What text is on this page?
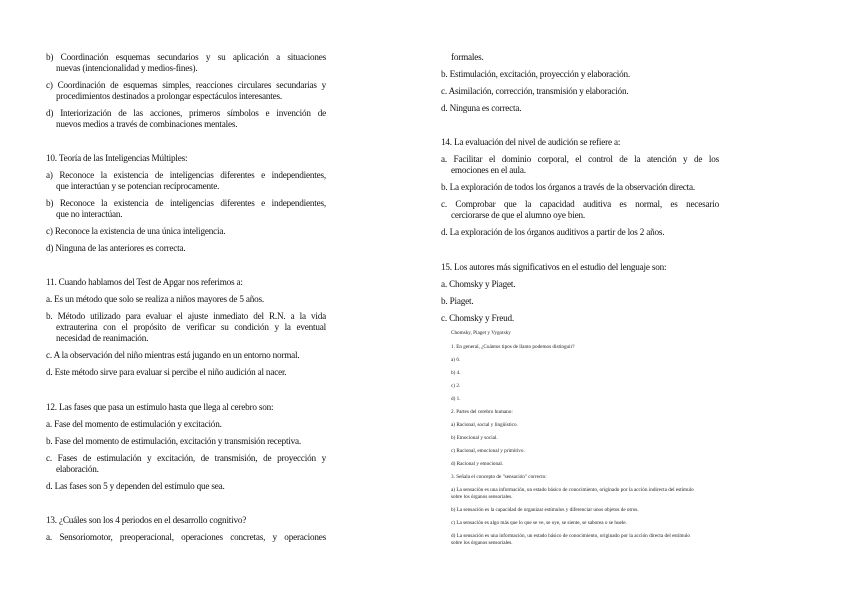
b) Coordinación esquemas secundarios y su aplicación a situaciones
nuevas (intencionalidad y medios-fines).
c) Coordinación de esquemas simples, reacciones circulares secundarias y
procedimientos destinados a prolongar espectáculos interesantes.
d) Interiorización de las acciones, primeros símbolos e invención de
nuevos medios a través de combinaciones mentales.
10. Teoría de las Inteligencias Múltiples:
a) Reconoce la existencia de inteligencias diferentes e independientes,
que interactúan y se potencian recíprocamente.
b) Reconoce la existencia de inteligencias diferentes e independientes,
que no interactúan.
c) Reconoce la existencia de una única inteligencia.
d) Ninguna de las anteriores es correcta.
11. Cuando hablamos del Test de Apgar nos referimos a:
a. Es un método que solo se realiza a niños mayores de 5 años.
b. Método utilizado para evaluar el ajuste inmediato del R.N. a la vida
extrauterina con el propósito de verificar su condición y la eventual
necesidad de reanimación.
c. A la observación del niño mientras está jugando en un entorno normal.
d. Este método sirve para evaluar si percibe el niño audición al nacer.
12. Las fases que pasa un estímulo hasta que llega al cerebro son:
a. Fase del momento de estimulación y excitación.
b. Fase del momento de estimulación, excitación y transmisión receptiva.
c. Fases de estimulación y excitación, de transmisión, de proyección y
elaboración.
d. Las fases son 5 y dependen del estímulo que sea.
13. ¿Cuáles son los 4 periodos en el desarrollo cognitivo?
a. Sensoriomotor, preoperacional, operaciones concretas, y operaciones
formales.
b. Estimulación, excitación, proyección y elaboración.
c. Asimilación, corrección, transmisión y elaboración.
d. Ninguna es correcta.
14. La evaluación del nivel de audición se refiere a:
a. Facilitar el dominio corporal, el control de la atención y de los
emociones en el aula.
b. La exploración de todos los órganos a través de la observación directa.
c. Comprobar que la capacidad auditiva es normal, es necesario
cerciorarse de que el alumno oye bien.
d. La exploración de los órganos auditivos a partir de los 2 años.
15. Los autores más significativos en el estudio del lenguaje son:
a. Chomsky y Piaget.
b. Piaget.
c. Chomsky y Freud.
Chomsky, Piaget y Vygotsky
1. En general, ¿Cuántos tipos de llanto podemos distinguir?
a) 6.
b) 4.
c) 2.
d) 1.
2. Partes del cerebro humano:
a) Racional, social y lingüístico.
b) Emocional y social.
c) Racional, emocional y primitivo.
d) Racional y emocional.
3. Señala el concepto de "sensación" correcto:
a) La sensación es una información, un estado básico de conocimiento, originado por la acción indirecta del estímulo
sobre los órganos sensoriales.
b) La sensación es la capacidad de organizar estímulos y diferenciar unos objetos de otros.
c) La sensación es algo más que lo que se ve, se oye, se siente, se saborea o se huele.
d) La sensación es una información, un estado básico de conocimiento, originado por la acción directa del estímulo
sobre los órganos sensoriales.
